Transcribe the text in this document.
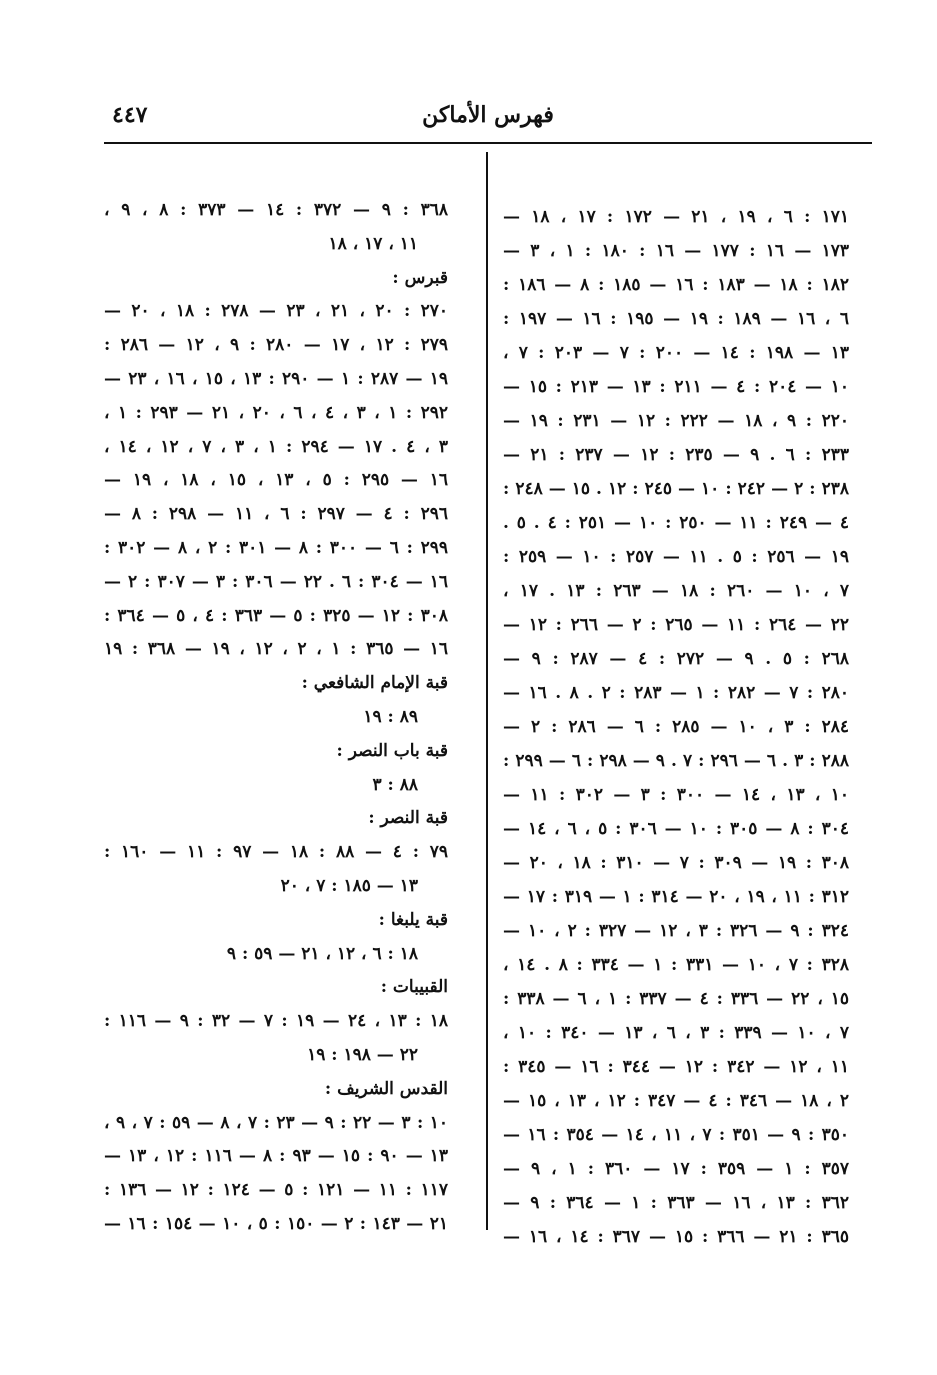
فهرس الأماكن
٤٤٧
١٧١ : ٦ ، ١٩ ، ٢١ — ١٧٢ : ١٧ ، ١٨ —
١٧٣ — ١٦ : ١٧٧ — ١٦ : ١٨٠ : ١ ، ٣ —
١٨٢ : ١٨ — ١٨٣ : ١٦ — ١٨٥ : ٨ — ١٨٦ :
٦ ، ١٦ — ١٨٩ : ١٩ — ١٩٥ : ١٦ — ١٩٧ :
١٣ — ١٩٨ : ١٤ — ٢٠٠ : ٧ — ٢٠٣ : ٧ ،
١٠ — ٢٠٤ : ٤ — ٢١١ : ١٣ — ٢١٣ : ١٥ —
٢٢٠ : ٩ ، ١٨ — ٢٢٢ : ١٢ — ٢٣١ : ١٩ —
٢٣٣ : ٦ . ٩ — ٢٣٥ : ١٢ — ٢٣٧ : ٢١ —
٢٣٨ : ٢ — ٢٤٢ : ١٠ — ٢٤٥ : ١٢ . ١٥ — ٢٤٨ :
٤ — ٢٤٩ : ١١ — ٢٥٠ : ١٠ — ٢٥١ : ٤ . ٥ .
١٩ — ٢٥٦ : ٥ . ١١ — ٢٥٧ : ١٠ — ٢٥٩ :
٧ ، ١٠ — ٢٦٠ : ١٨ — ٢٦٣ : ١٣ . ١٧ ،
٢٢ — ٢٦٤ : ١١ — ٢٦٥ : ٢ — ٢٦٦ : ١٢ —
٢٦٨ : ٥ . ٩ — ٢٧٢ : ٤ — ٢٨٧ : ٩ —
٢٨٠ : ٧ — ٢٨٢ : ١ — ٢٨٣ : ٢ . ٨ . ١٦ —
٢٨٤ : ٣ ، ١٠ — ٢٨٥ : ٦ — ٢٨٦ : ٢ —
٢٨٨ : ٣ . ٦ — ٢٩٦ : ٧ . ٩ — ٢٩٨ : ٦ — ٢٩٩ :
١٠ ، ١٣ ، ١٤ — ٣٠٠ : ٣ — ٣٠٢ : ١١ —
٣٠٤ : ٨ — ٣٠٥ : ١٠ — ٣٠٦ : ٥ ، ٦ ، ١٤ —
٣٠٨ : ١٩ — ٣٠٩ : ٧ — ٣١٠ : ١٨ ، ٢٠ —
٣١٢ : ١١ ، ١٩ ، ٢٠ — ٣١٤ : ١ — ٣١٩ : ١٧ —
٣٢٤ : ٩ — ٣٢٦ : ٣ ، ١٢ — ٣٢٧ : ٢ ، ١٠ —
٣٢٨ : ٧ ، ١٠ — ٣٣١ : ١ — ٣٣٤ : ٨ . ١٤ ،
١٥ ، ٢٢ — ٣٣٦ : ٤ — ٣٣٧ : ١ ، ٦ — ٣٣٨ :
٧ ، ١٠ — ٣٣٩ : ٣ ، ٦ ، ١٣ — ٣٤٠ : ١٠ ،
١١ ، ١٢ — ٣٤٢ : ١٢ — ٣٤٤ : ١٦ — ٣٤٥ :
٢ ، ١٨ — ٣٤٦ : ٤ — ٣٤٧ : ١٢ ، ١٣ ، ١٥ —
٣٥٠ : ٩ — ٣٥١ : ٧ ، ١١ ، ١٤ — ٣٥٤ : ١٦ —
٣٥٧ : ١ — ٣٥٩ : ١٧ — ٣٦٠ : ١ ، ٩ —
٣٦٢ : ١٣ ، ١٦ — ٣٦٣ : ١ — ٣٦٤ : ٩ —
٣٦٥ : ٢١ — ٣٦٦ : ١٥ — ٣٦٧ : ١٤ ، ١٦ —
٣٦٨ : ٩ — ٣٧٢ : ١٤ — ٣٧٣ : ٨ ، ٩ ،
١١ ، ١٧ ، ١٨
قبرس :
٢٧٠ : ٢٠ ، ٢١ ، ٢٣ — ٢٧٨ : ١٨ ، ٢٠ —
٢٧٩ : ١٢ ، ١٧ — ٢٨٠ : ٩ ، ١٢ — ٢٨٦ :
١٩ — ٢٨٧ : ١ — ٢٩٠ : ١٣ ، ١٥ ، ١٦ ، ٢٣ —
٢٩٢ : ١ ، ٣ ، ٤ ، ٦ ، ٢٠ ، ٢١ — ٢٩٣ : ١ ،
٣ ، ٤ . ١٧ — ٢٩٤ : ١ ، ٣ ، ٧ ، ١٢ ، ١٤ ،
١٦ — ٢٩٥ : ٥ ، ١٣ ، ١٥ ، ١٨ ، ١٩ —
٢٩٦ : ٤ — ٢٩٧ : ٦ ، ١١ — ٢٩٨ : ٨ —
٢٩٩ : ٦ — ٣٠٠ : ٨ — ٣٠١ : ٢ ، ٨ — ٣٠٢ :
١٦ — ٣٠٤ : ٦ . ٢٢ — ٣٠٦ : ٣ — ٣٠٧ : ٢ —
٣٠٨ : ١٢ — ٣٢٥ : ٥ — ٣٦٣ : ٤ ، ٥ — ٣٦٤ :
١٦ — ٣٦٥ : ١ ، ٢ ، ١٢ ، ١٩ — ٣٦٨ : ١٩
قبة الإمام الشافعي :
٨٩ : ١٩
قبة باب النصر :
٨٨ : ٣
قبة النصر :
٧٩ : ٤ — ٨٨ : ١٨ — ٩٧ : ١١ — ١٦٠ :
١٣ — ١٨٥ : ٧ ، ٢٠
قبة يلبغا :
١٨ : ٦ ، ١٢ ، ٢١ — ٥٩ : ٩
القبيبات :
١٨ : ١٣ ، ٢٤ — ١٩ : ٧ — ٣٢ : ٩ — ١١٦ :
٢٢ — ١٩٨ : ١٩
القدس الشريف :
١٠ : ٣ — ٢٢ : ٩ — ٢٣ : ٧ ، ٨ — ٥٩ : ٧ ، ٩ ،
١٣ — ٩٠ : ١٥ — ٩٣ : ٨ — ١١٦ : ١٢ ، ١٣ —
١١٧ : ١١ — ١٢١ : ٥ — ١٢٤ : ١٢ — ١٣٦ :
٢١ — ١٤٣ : ٢ — ١٥٠ : ٥ ، ١٠ — ١٥٤ : ١٦ —
